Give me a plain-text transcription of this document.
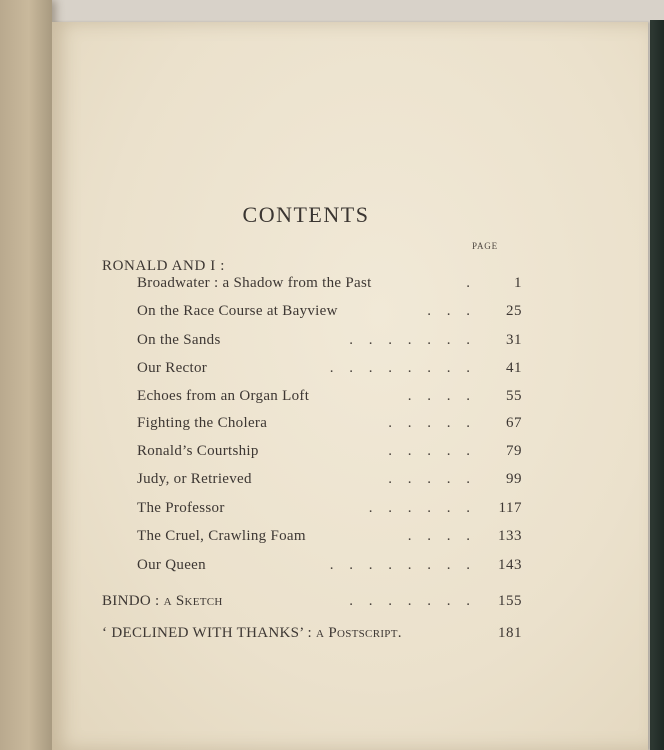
CONTENTS
PAGE
RONALD AND I :
Broadwater : a Shadow from the Past	.	1
On the Race Course at Bayview	. . .	25
On the Sands	. . . . . . .	31
Our Rector	. . . . . . . .	41
Echoes from an Organ Loft	. . . .	55
Fighting the Cholera	. . . . .	67
Ronald’s Courtship	. . . . .	79
Judy, or Retrieved	. . . . .	99
The Professor	. . . . . .	117
The Cruel, Crawling Foam	. . . .	133
Our Queen	. . . . . . . .	143
BINDO : a Sketch	. . . . . . .	155
‘ DECLINED WITH THANKS’ : a Postscript.	181
